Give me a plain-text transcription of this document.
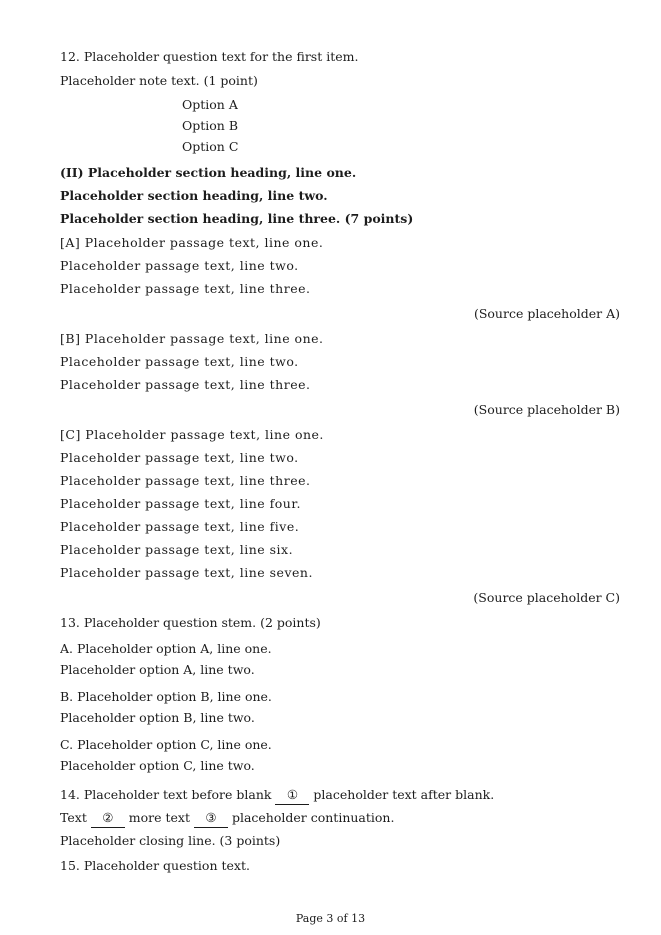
12. Placeholder question text for the first item.
Placeholder note text. (1 point)
Option A
Option B
Option C
(II) Placeholder section heading, line one.
Placeholder section heading, line two.
Placeholder section heading, line three. (7 points)
[A] Placeholder passage text, line one.
Placeholder passage text, line two.
Placeholder passage text, line three.
(Source placeholder A)
[B] Placeholder passage text, line one.
Placeholder passage text, line two.
Placeholder passage text, line three.
(Source placeholder B)
[C] Placeholder passage text, line one.
Placeholder passage text, line two.
Placeholder passage text, line three.
Placeholder passage text, line four.
Placeholder passage text, line five.
Placeholder passage text, line six.
Placeholder passage text, line seven.
(Source placeholder C)
13. Placeholder question stem. (2 points)
A. Placeholder option A, line one.
Placeholder option A, line two.
B. Placeholder option B, line one.
Placeholder option B, line two.
C. Placeholder option C, line one.
Placeholder option C, line two.
14. Placeholder text before blank ① placeholder text after blank.
Text ② more text ③ placeholder continuation.
Placeholder closing line. (3 points)
15. Placeholder question text.
Page 3 of 13
